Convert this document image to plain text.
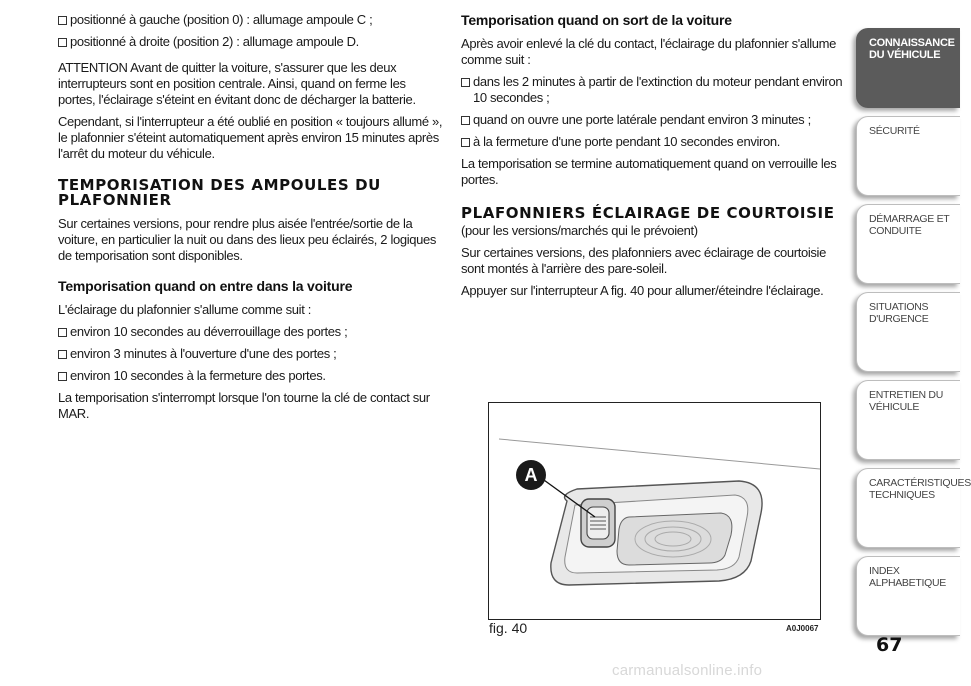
positionné à gauche (position 0) : allumage ampoule C ;
positionné à droite (position 2) : allumage ampoule D.

ATTENTION Avant de quitter la voiture, s'assurer que les deux interrupteurs sont en position centrale. Ainsi, quand on ferme les portes, l'éclairage s'éteint en évitant donc de décharger la batterie.

Cependant, si l'interrupteur a été oublié en position « toujours allumé », le plafonnier s'éteint automatiquement après environ 15 minutes après l'arrêt du moteur du véhicule.

TEMPORISATION DES AMPOULES DU PLAFONNIER

Sur certaines versions, pour rendre plus aisée l'entrée/sortie de la voiture, en particulier la nuit ou dans des lieux peu éclairés, 2 logiques de temporisation sont disponibles.

Temporisation quand on entre dans la voiture

L'éclairage du plafonnier s'allume comme suit :

environ 10 secondes au déverrouillage des portes ;
environ 3 minutes à l'ouverture d'une des portes ;
environ 10 secondes à la fermeture des portes.

La temporisation s'interrompt lorsque l'on tourne la clé de contact sur MAR.

Temporisation quand on sort de la voiture

Après avoir enlevé la clé du contact, l'éclairage du plafonnier s'allume comme suit :

dans les 2 minutes à partir de l'extinction du moteur pendant environ 10 secondes ;
quand on ouvre une porte latérale pendant environ 3 minutes ;
à la fermeture d'une porte pendant 10 secondes environ.

La temporisation se termine automatiquement quand on verrouille les portes.

PLAFONNIERS ÉCLAIRAGE DE COURTOISIE

(pour les versions/marchés qui le prévoient)

Sur certaines versions, des plafonniers avec éclairage de courtoisie sont montés à l'arrière des pare-soleil.

Appuyer sur l'interrupteur A fig. 40 pour allumer/éteindre l'éclairage.

A
fig. 40	A0J0067
CONNAISSANCE DU VÉHICULE
SÉCURITÉ
DÉMARRAGE ET CONDUITE
SITUATIONS D'URGENCE
ENTRETIEN DU VÉHICULE
CARACTÉRISTIQUES TECHNIQUES
INDEX ALPHABETIQUE
67
carmanualsonline.info
